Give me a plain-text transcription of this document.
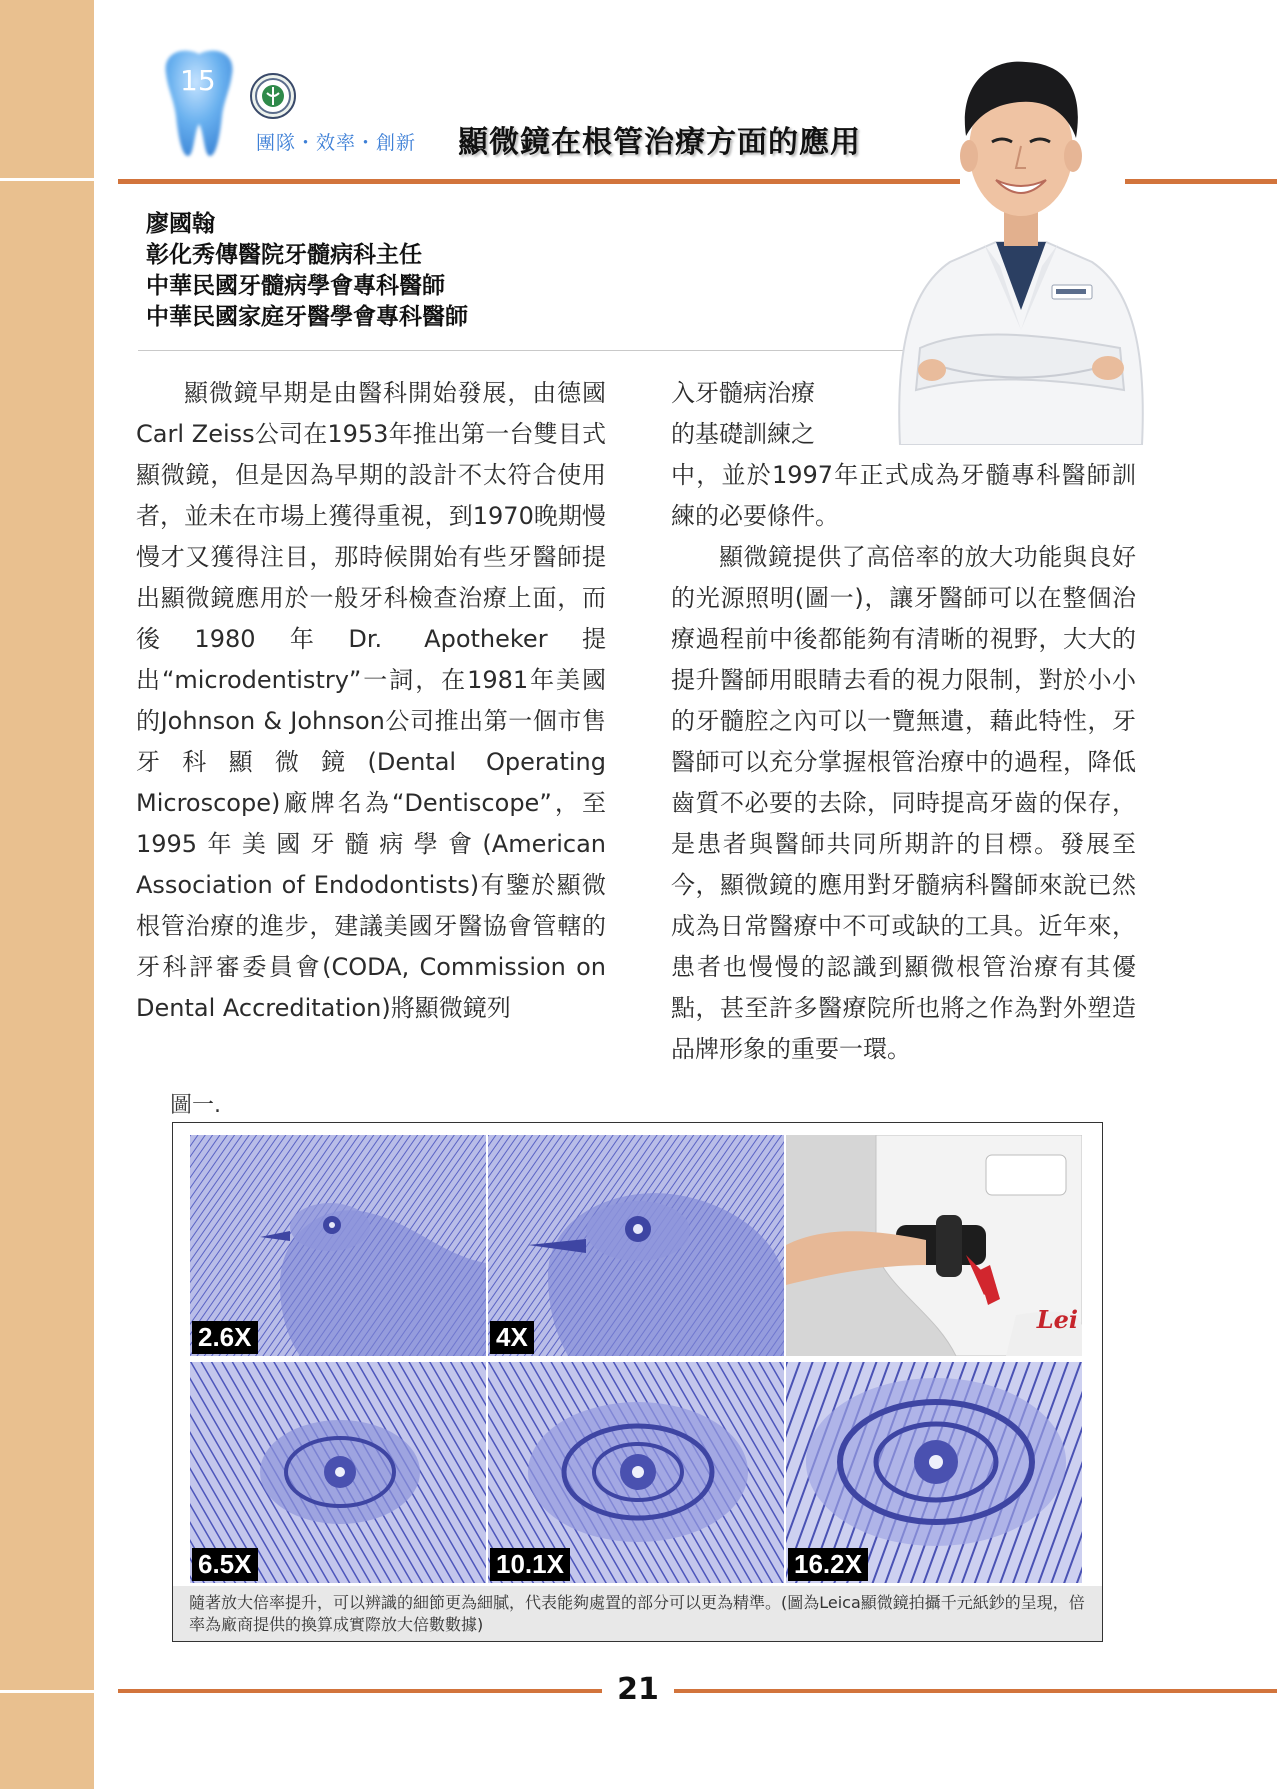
15
團隊・效率・創新 顯微鏡在根管治療方面的應用
廖國翰
彰化秀傳醫院牙髓病科主任
中華民國牙髓病學會專科醫師
中華民國家庭牙醫學會專科醫師

顯微鏡早期是由醫科開始發展，由德國Carl Zeiss公司在1953年推出第一台雙目式顯微鏡，但是因為早期的設計不太符合使用者，並未在市場上獲得重視，到1970晚期慢慢才又獲得注目，那時候開始有些牙醫師提出顯微鏡應用於一般牙科檢查治療上面，而後1980年Dr. Apotheker提出“microdentistry”一詞，在1981年美國的Johnson & Johnson公司推出第一個市售牙科顯微鏡(Dental Operating Microscope)廠牌名為“Dentiscope”，至1995年美國牙髓病學會(American Association of Endodontists)有鑒於顯微根管治療的進步，建議美國牙醫協會管轄的牙科評審委員會(CODA, Commission on Dental Accreditation)將顯微鏡列

入牙髓病治療

的基礎訓練之

中，並於1997年正式成為牙髓專科醫師訓練的必要條件。

顯微鏡提供了高倍率的放大功能與良好的光源照明(圖一)，讓牙醫師可以在整個治療過程前中後都能夠有清晰的視野，大大的提升醫師用眼睛去看的視力限制，對於小小的牙髓腔之內可以一覽無遺，藉此特性，牙醫師可以充分掌握根管治療中的過程，降低齒質不必要的去除，同時提高牙齒的保存，是患者與醫師共同所期許的目標。發展至今，顯微鏡的應用對牙髓病科醫師來說已然成為日常醫療中不可或缺的工具。近年來，患者也慢慢的認識到顯微根管治療有其優點，甚至許多醫療院所也將之作為對外塑造品牌形象的重要一環。

圖一.
2.6X	4X
Lei
6.5X	10.1X	16.2X

隨著放大倍率提升，可以辨識的細節更為細膩，代表能夠處置的部分可以更為精準。(圖為Leica顯微鏡拍攝千元紙鈔的呈現，倍率為廠商提供的換算成實際放大倍數數據)

21
